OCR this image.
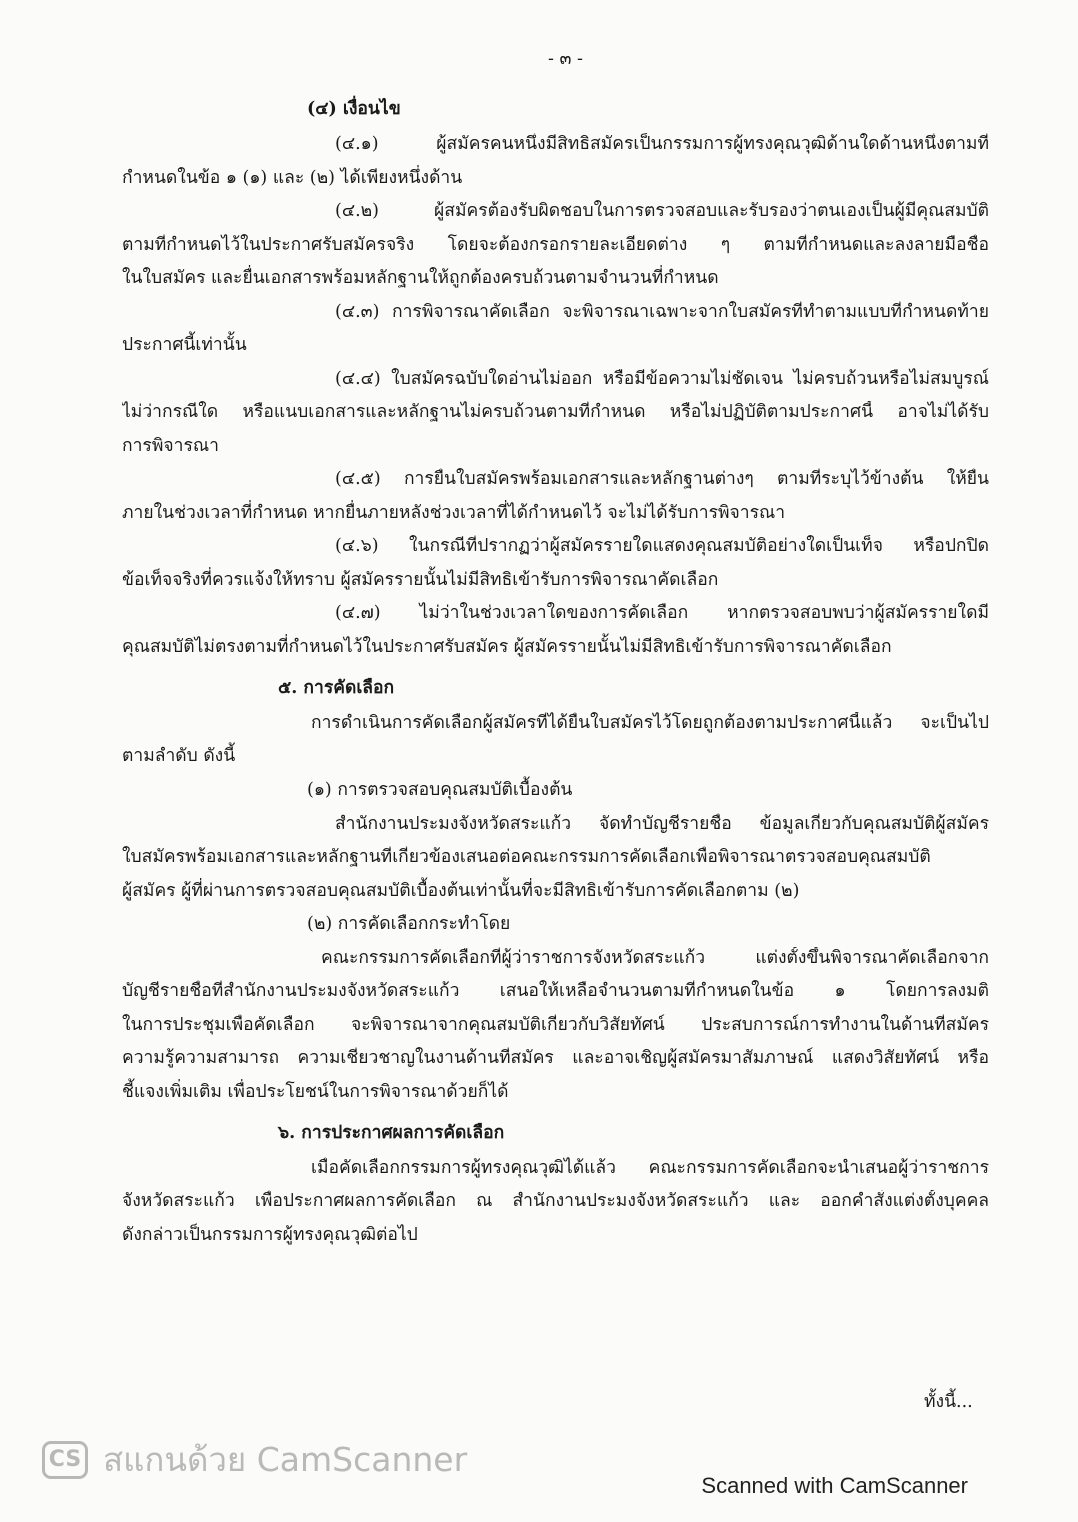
- ๓ -
(๔) เงื่อนไข
(๔.๑) ผู้สมัครคนหนึ่งมีสิทธิสมัครเป็นกรรมการผู้ทรงคุณวุฒิด้านใดด้านหนึ่งตามที่
กำหนดในข้อ ๑ (๑) และ (๒) ได้เพียงหนึ่งด้าน
(๔.๒) ผู้สมัครต้องรับผิดชอบในการตรวจสอบและรับรองว่าตนเองเป็นผู้มีคุณสมบัติ
ตามที่กำหนดไว้ในประกาศรับสมัครจริง โดยจะต้องกรอกรายละเอียดต่าง ๆ ตามที่กำหนดและลงลายมือชื่อ
ในใบสมัคร และยื่นเอกสารพร้อมหลักฐานให้ถูกต้องครบถ้วนตามจำนวนที่กำหนด
(๔.๓) การพิจารณาคัดเลือก จะพิจารณาเฉพาะจากใบสมัครที่ทำตามแบบที่กำหนดท้าย
ประกาศนี้เท่านั้น
(๔.๔) ใบสมัครฉบับใดอ่านไม่ออก หรือมีข้อความไม่ชัดเจน ไม่ครบถ้วนหรือไม่สมบูรณ์
ไม่ว่ากรณีใด หรือแนบเอกสารและหลักฐานไม่ครบถ้วนตามที่กำหนด หรือไม่ปฏิบัติตามประกาศนี้ อาจไม่ได้รับ
การพิจารณา
(๔.๕) การยื่นใบสมัครพร้อมเอกสารและหลักฐานต่างๆ ตามที่ระบุไว้ข้างต้น ให้ยื่น
ภายในช่วงเวลาที่กำหนด หากยื่นภายหลังช่วงเวลาที่ได้กำหนดไว้ จะไม่ได้รับการพิจารณา
(๔.๖) ในกรณีที่ปรากฏว่าผู้สมัครรายใดแสดงคุณสมบัติอย่างใดเป็นเท็จ หรือปกปิด
ข้อเท็จจริงที่ควรแจ้งให้ทราบ ผู้สมัครรายนั้นไม่มีสิทธิเข้ารับการพิจารณาคัดเลือก
(๔.๗) ไม่ว่าในช่วงเวลาใดของการคัดเลือก หากตรวจสอบพบว่าผู้สมัครรายใดมี
คุณสมบัติไม่ตรงตามที่กำหนดไว้ในประกาศรับสมัคร ผู้สมัครรายนั้นไม่มีสิทธิเข้ารับการพิจารณาคัดเลือก
๕. การคัดเลือก
การดำเนินการคัดเลือกผู้สมัครที่ได้ยื่นใบสมัครไว้โดยถูกต้องตามประกาศนี้แล้ว จะเป็นไป
ตามลำดับ ดังนี้
(๑) การตรวจสอบคุณสมบัติเบื้องต้น
สำนักงานประมงจังหวัดสระแก้ว จัดทำบัญชีรายชื่อ ข้อมูลเกี่ยวกับคุณสมบัติผู้สมัคร
ใบสมัครพร้อมเอกสารและหลักฐานที่เกี่ยวข้องเสนอต่อคณะกรรมการคัดเลือกเพื่อพิจารณาตรวจสอบคุณสมบัติ
ผู้สมัคร ผู้ที่ผ่านการตรวจสอบคุณสมบัติเบื้องต้นเท่านั้นที่จะมีสิทธิเข้ารับการคัดเลือกตาม (๒)
(๒) การคัดเลือกกระทำโดย
คณะกรรมการคัดเลือกที่ผู้ว่าราชการจังหวัดสระแก้ว แต่งตั้งขึ้นพิจารณาคัดเลือกจาก
บัญชีรายชื่อที่สำนักงานประมงจังหวัดสระแก้ว เสนอให้เหลือจำนวนตามที่กำหนดในข้อ ๑ โดยการลงมติ
ในการประชุมเพื่อคัดเลือก จะพิจารณาจากคุณสมบัติเกี่ยวกับวิสัยทัศน์ ประสบการณ์การทำงานในด้านที่สมัคร
ความรู้ความสามารถ ความเชี่ยวชาญในงานด้านที่สมัคร และอาจเชิญผู้สมัครมาสัมภาษณ์ แสดงวิสัยทัศน์ หรือ
ชี้แจงเพิ่มเติม เพื่อประโยชน์ในการพิจารณาด้วยก็ได้
๖. การประกาศผลการคัดเลือก
เมื่อคัดเลือกกรรมการผู้ทรงคุณวุฒิได้แล้ว คณะกรรมการคัดเลือกจะนำเสนอผู้ว่าราชการ
จังหวัดสระแก้ว เพื่อประกาศผลการคัดเลือก ณ สำนักงานประมงจังหวัดสระแก้ว และ ออกคำสั่งแต่งตั้งบุคคล
ดังกล่าวเป็นกรรมการผู้ทรงคุณวุฒิต่อไป
ทั้งนี้...
CS สแกนด้วย CamScanner
Scanned with CamScanner
